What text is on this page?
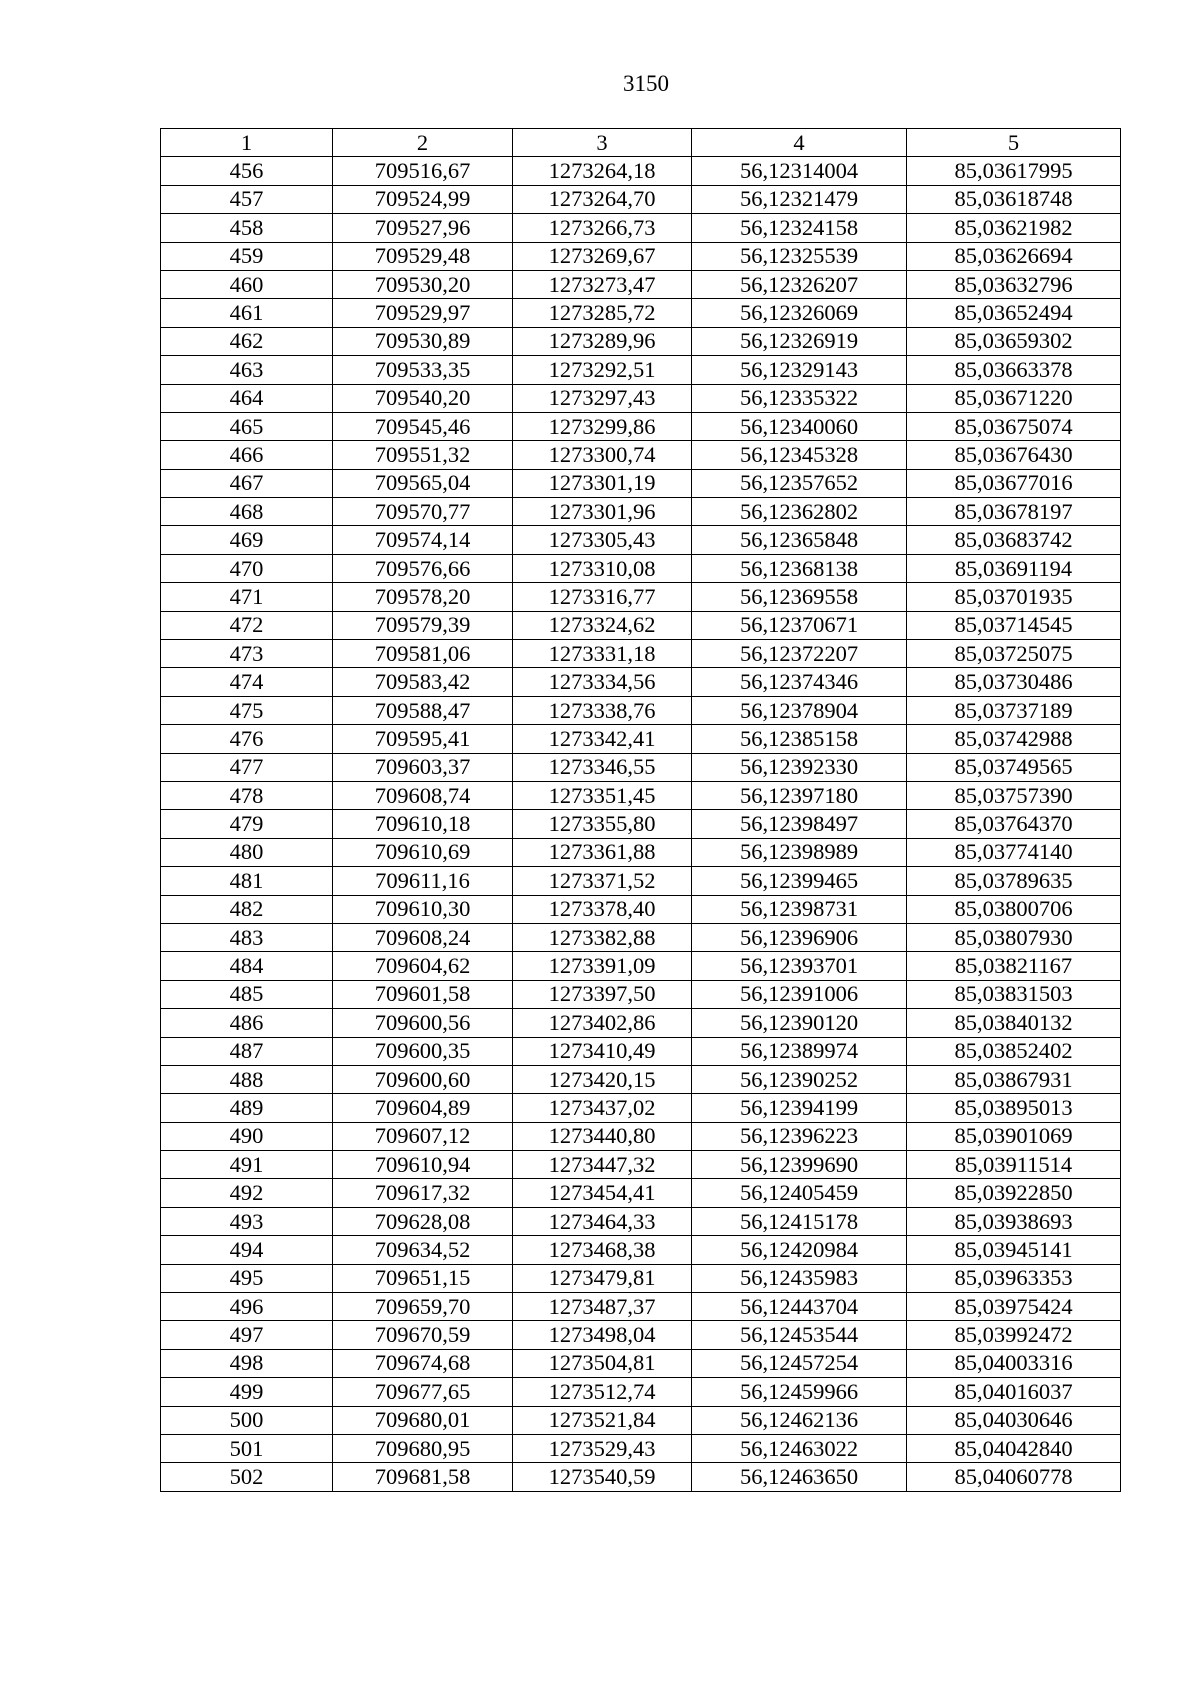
3150
1	2	3	4	5
456	709516,67	1273264,18	56,12314004	85,03617995
457	709524,99	1273264,70	56,12321479	85,03618748
458	709527,96	1273266,73	56,12324158	85,03621982
459	709529,48	1273269,67	56,12325539	85,03626694
460	709530,20	1273273,47	56,12326207	85,03632796
461	709529,97	1273285,72	56,12326069	85,03652494
462	709530,89	1273289,96	56,12326919	85,03659302
463	709533,35	1273292,51	56,12329143	85,03663378
464	709540,20	1273297,43	56,12335322	85,03671220
465	709545,46	1273299,86	56,12340060	85,03675074
466	709551,32	1273300,74	56,12345328	85,03676430
467	709565,04	1273301,19	56,12357652	85,03677016
468	709570,77	1273301,96	56,12362802	85,03678197
469	709574,14	1273305,43	56,12365848	85,03683742
470	709576,66	1273310,08	56,12368138	85,03691194
471	709578,20	1273316,77	56,12369558	85,03701935
472	709579,39	1273324,62	56,12370671	85,03714545
473	709581,06	1273331,18	56,12372207	85,03725075
474	709583,42	1273334,56	56,12374346	85,03730486
475	709588,47	1273338,76	56,12378904	85,03737189
476	709595,41	1273342,41	56,12385158	85,03742988
477	709603,37	1273346,55	56,12392330	85,03749565
478	709608,74	1273351,45	56,12397180	85,03757390
479	709610,18	1273355,80	56,12398497	85,03764370
480	709610,69	1273361,88	56,12398989	85,03774140
481	709611,16	1273371,52	56,12399465	85,03789635
482	709610,30	1273378,40	56,12398731	85,03800706
483	709608,24	1273382,88	56,12396906	85,03807930
484	709604,62	1273391,09	56,12393701	85,03821167
485	709601,58	1273397,50	56,12391006	85,03831503
486	709600,56	1273402,86	56,12390120	85,03840132
487	709600,35	1273410,49	56,12389974	85,03852402
488	709600,60	1273420,15	56,12390252	85,03867931
489	709604,89	1273437,02	56,12394199	85,03895013
490	709607,12	1273440,80	56,12396223	85,03901069
491	709610,94	1273447,32	56,12399690	85,03911514
492	709617,32	1273454,41	56,12405459	85,03922850
493	709628,08	1273464,33	56,12415178	85,03938693
494	709634,52	1273468,38	56,12420984	85,03945141
495	709651,15	1273479,81	56,12435983	85,03963353
496	709659,70	1273487,37	56,12443704	85,03975424
497	709670,59	1273498,04	56,12453544	85,03992472
498	709674,68	1273504,81	56,12457254	85,04003316
499	709677,65	1273512,74	56,12459966	85,04016037
500	709680,01	1273521,84	56,12462136	85,04030646
501	709680,95	1273529,43	56,12463022	85,04042840
502	709681,58	1273540,59	56,12463650	85,04060778
